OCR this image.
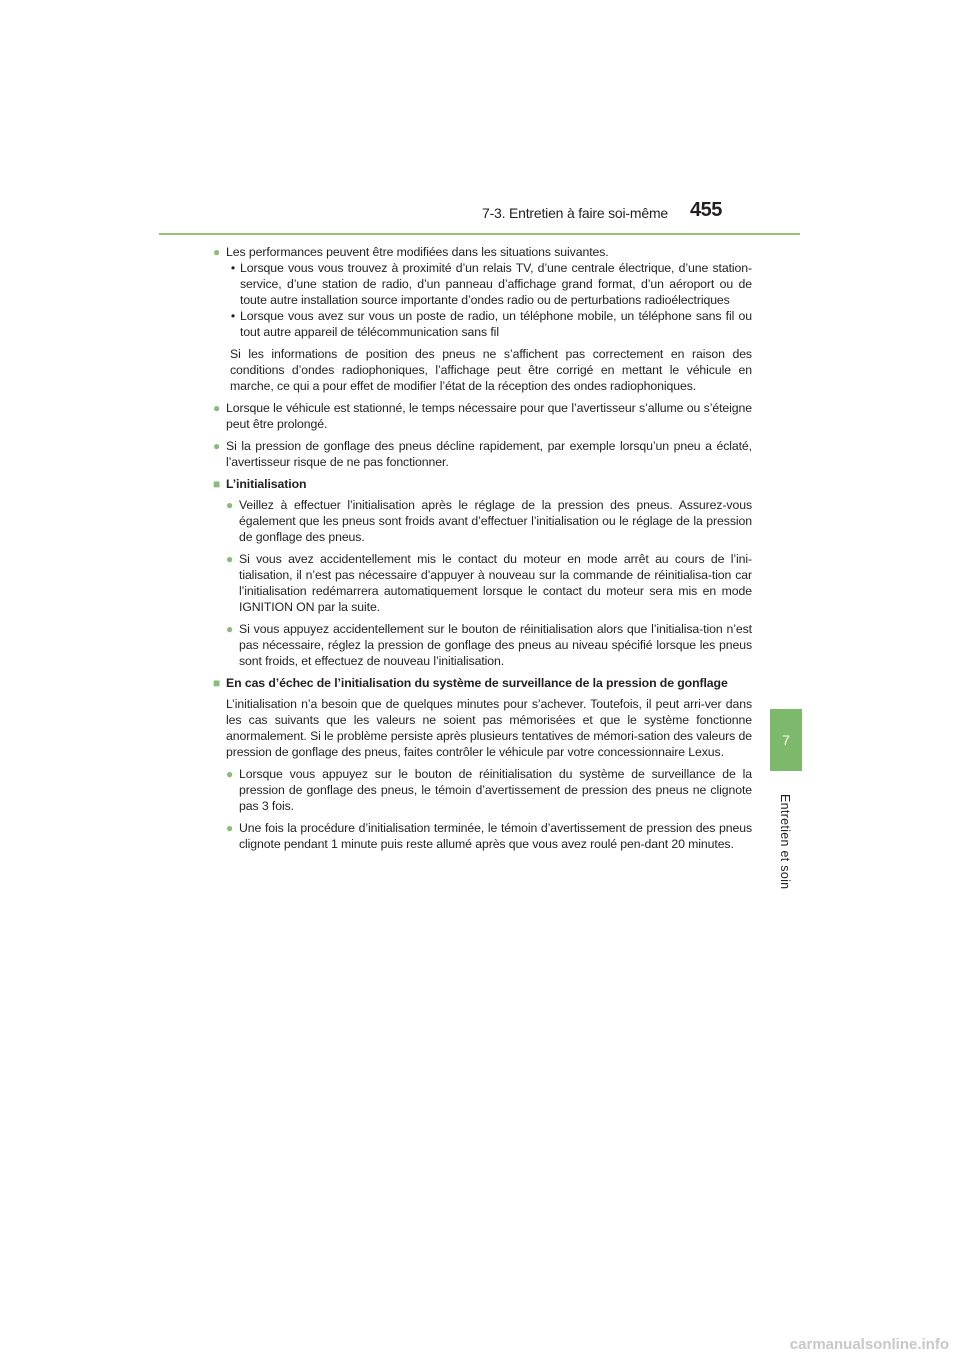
7-3. Entretien à faire soi-même 455
7
Entretien et soin
● Les performances peuvent être modifiées dans les situations suivantes.
• Lorsque vous vous trouvez à proximité d’un relais TV, d’une centrale électrique, d’une station-service, d’une station de radio, d’un panneau d’affichage grand format, d’un aéroport ou de toute autre installation source importante d’ondes radio ou de perturbations radioélectriques
• Lorsque vous avez sur vous un poste de radio, un téléphone mobile, un téléphone sans fil ou tout autre appareil de télécommunication sans fil
Si les informations de position des pneus ne s’affichent pas correctement en raison des conditions d’ondes radiophoniques, l’affichage peut être corrigé en mettant le véhicule en marche, ce qui a pour effet de modifier l’état de la réception des ondes radiophoniques.
● Lorsque le véhicule est stationné, le temps nécessaire pour que l’avertisseur s’allume ou s’éteigne peut être prolongé.
● Si la pression de gonflage des pneus décline rapidement, par exemple lorsqu’un pneu a éclaté, l’avertisseur risque de ne pas fonctionner.
■ L’initialisation
● Veillez à effectuer l’initialisation après le réglage de la pression des pneus. Assurez-vous également que les pneus sont froids avant d’effectuer l’initialisation ou le réglage de la pression de gonflage des pneus.
● Si vous avez accidentellement mis le contact du moteur en mode arrêt au cours de l’ini-tialisation, il n’est pas nécessaire d’appuyer à nouveau sur la commande de réinitialisa-tion car l’initialisation redémarrera automatiquement lorsque le contact du moteur sera mis en mode IGNITION ON par la suite.
● Si vous appuyez accidentellement sur le bouton de réinitialisation alors que l’initialisa-tion n’est pas nécessaire, réglez la pression de gonflage des pneus au niveau spécifié lorsque les pneus sont froids, et effectuez de nouveau l’initialisation.
■ En cas d’échec de l’initialisation du système de surveillance de la pression de gonflage
L’initialisation n’a besoin que de quelques minutes pour s’achever. Toutefois, il peut arri-ver dans les cas suivants que les valeurs ne soient pas mémorisées et que le système fonctionne anormalement. Si le problème persiste après plusieurs tentatives de mémori-sation des valeurs de pression de gonflage des pneus, faites contrôler le véhicule par votre concessionnaire Lexus.
● Lorsque vous appuyez sur le bouton de réinitialisation du système de surveillance de la pression de gonflage des pneus, le témoin d’avertissement de pression des pneus ne clignote pas 3 fois.
● Une fois la procédure d’initialisation terminée, le témoin d’avertissement de pression des pneus clignote pendant 1 minute puis reste allumé après que vous avez roulé pen-dant 20 minutes.
carmanualsonline.info
